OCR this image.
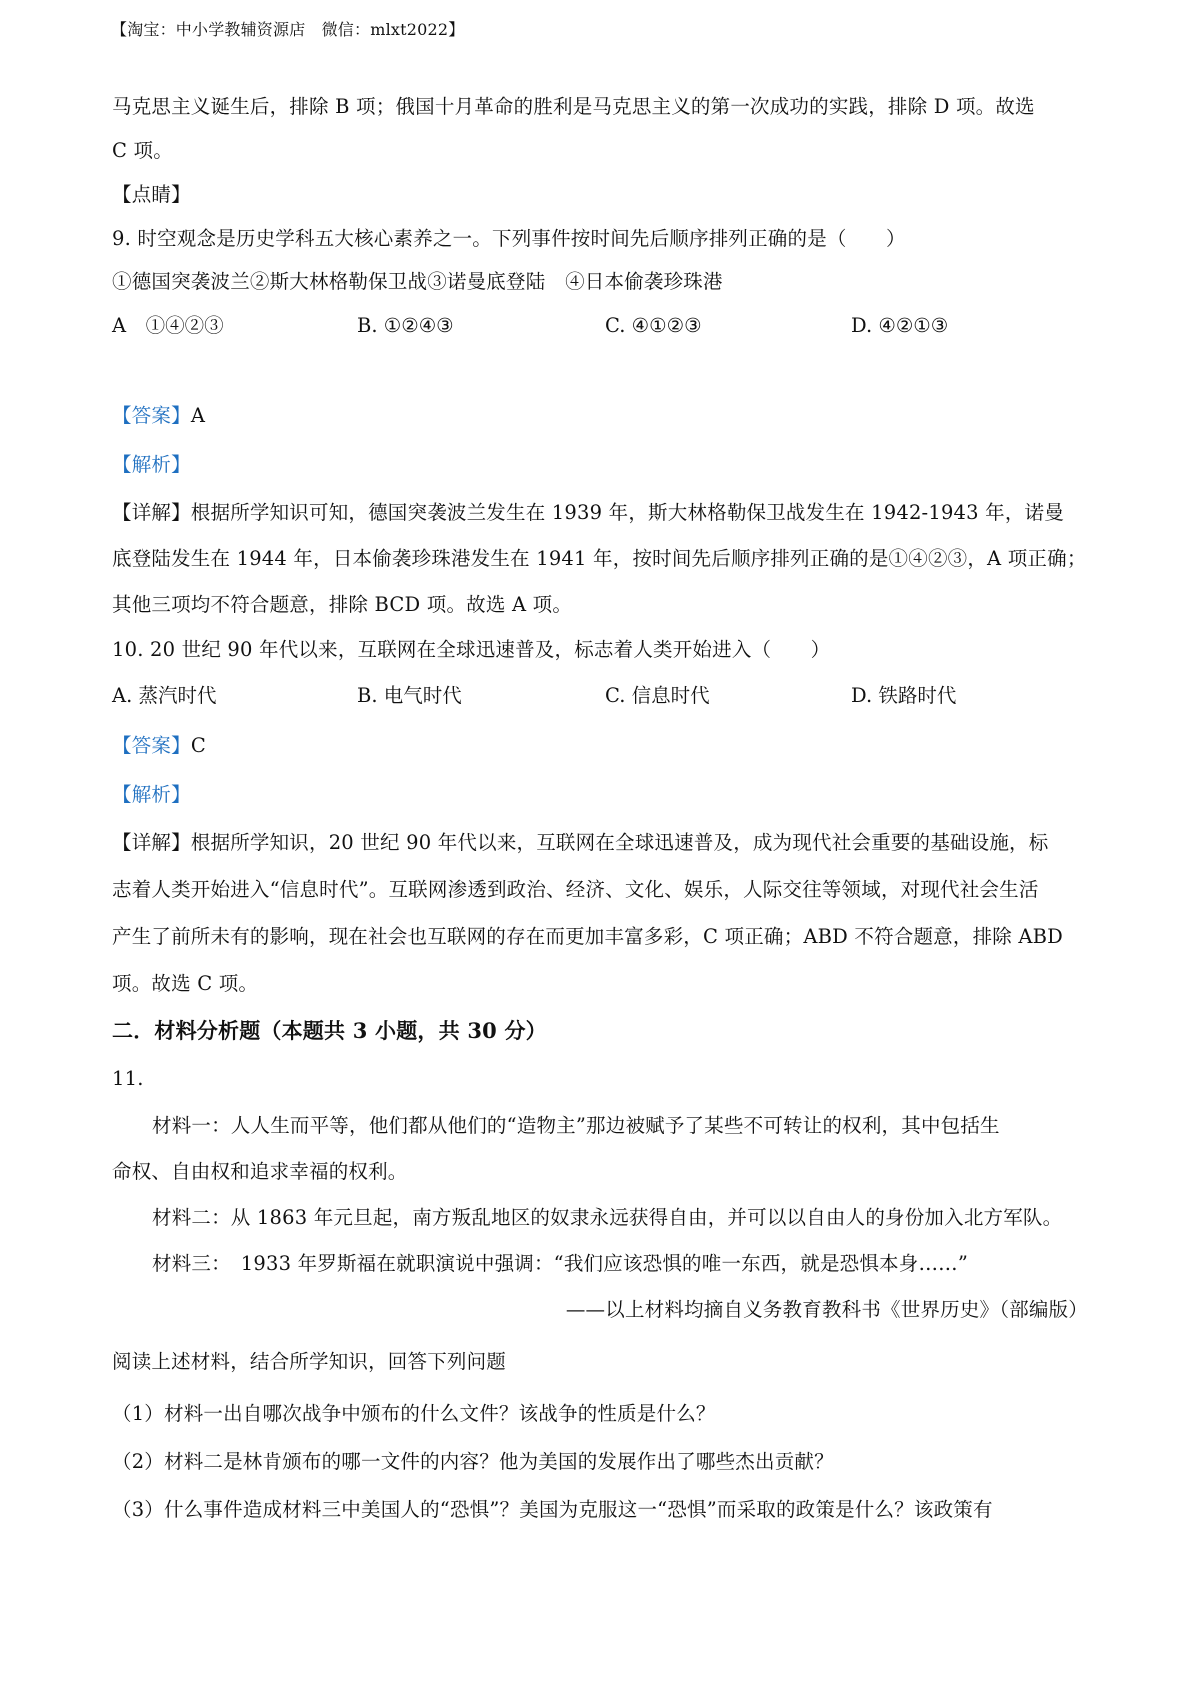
【淘宝：中小学教辅资源店　微信：mlxt2022】
马克思主义诞生后，排除 B 项；俄国十月革命的胜利是马克思主义的第一次成功的实践，排除 D 项。故选
C 项。
【点睛】
9. 时空观念是历史学科五大核心素养之一。下列事件按时间先后顺序排列正确的是（　　）
①德国突袭波兰②斯大林格勒保卫战③诺曼底登陆　④日本偷袭珍珠港
A　①④②③	B. ①②④③	C. ④①②③	D. ④②①③
【答案】A
【解析】
【详解】根据所学知识可知，德国突袭波兰发生在 1939 年，斯大林格勒保卫战发生在 1942-1943 年，诺曼
底登陆发生在 1944 年，日本偷袭珍珠港发生在 1941 年，按时间先后顺序排列正确的是①④②③，A 项正确；
其他三项均不符合题意，排除 BCD 项。故选 A 项。
10. 20 世纪 90 年代以来，互联网在全球迅速普及，标志着人类开始进入（　　）
A. 蒸汽时代	B. 电气时代	C. 信息时代	D. 铁路时代
【答案】C
【解析】
【详解】根据所学知识，20 世纪 90 年代以来，互联网在全球迅速普及，成为现代社会重要的基础设施，标
志着人类开始进入“信息时代”。互联网渗透到政治、经济、文化、娱乐，人际交往等领域，对现代社会生活
产生了前所未有的影响，现在社会也互联网的存在而更加丰富多彩，C 项正确；ABD 不符合题意，排除 ABD
项。故选 C 项。
二．材料分析题（本题共 3 小题，共 30 分）
11.
材料一：人人生而平等，他们都从他们的“造物主”那边被赋予了某些不可转让的权利，其中包括生
命权、自由权和追求幸福的权利。
材料二：从 1863 年元旦起，南方叛乱地区的奴隶永远获得自由，并可以以自由人的身份加入北方军队。
材料三：　1933 年罗斯福在就职演说中强调：“我们应该恐惧的唯一东西，就是恐惧本身……”
——以上材料均摘自义务教育教科书《世界历史》（部编版）
阅读上述材料，结合所学知识，回答下列问题
（1）材料一出自哪次战争中颁布的什么文件？该战争的性质是什么？
（2）材料二是林肯颁布的哪一文件的内容？他为美国的发展作出了哪些杰出贡献？
（3）什么事件造成材料三中美国人的“恐惧”？美国为克服这一“恐惧”而采取的政策是什么？该政策有
